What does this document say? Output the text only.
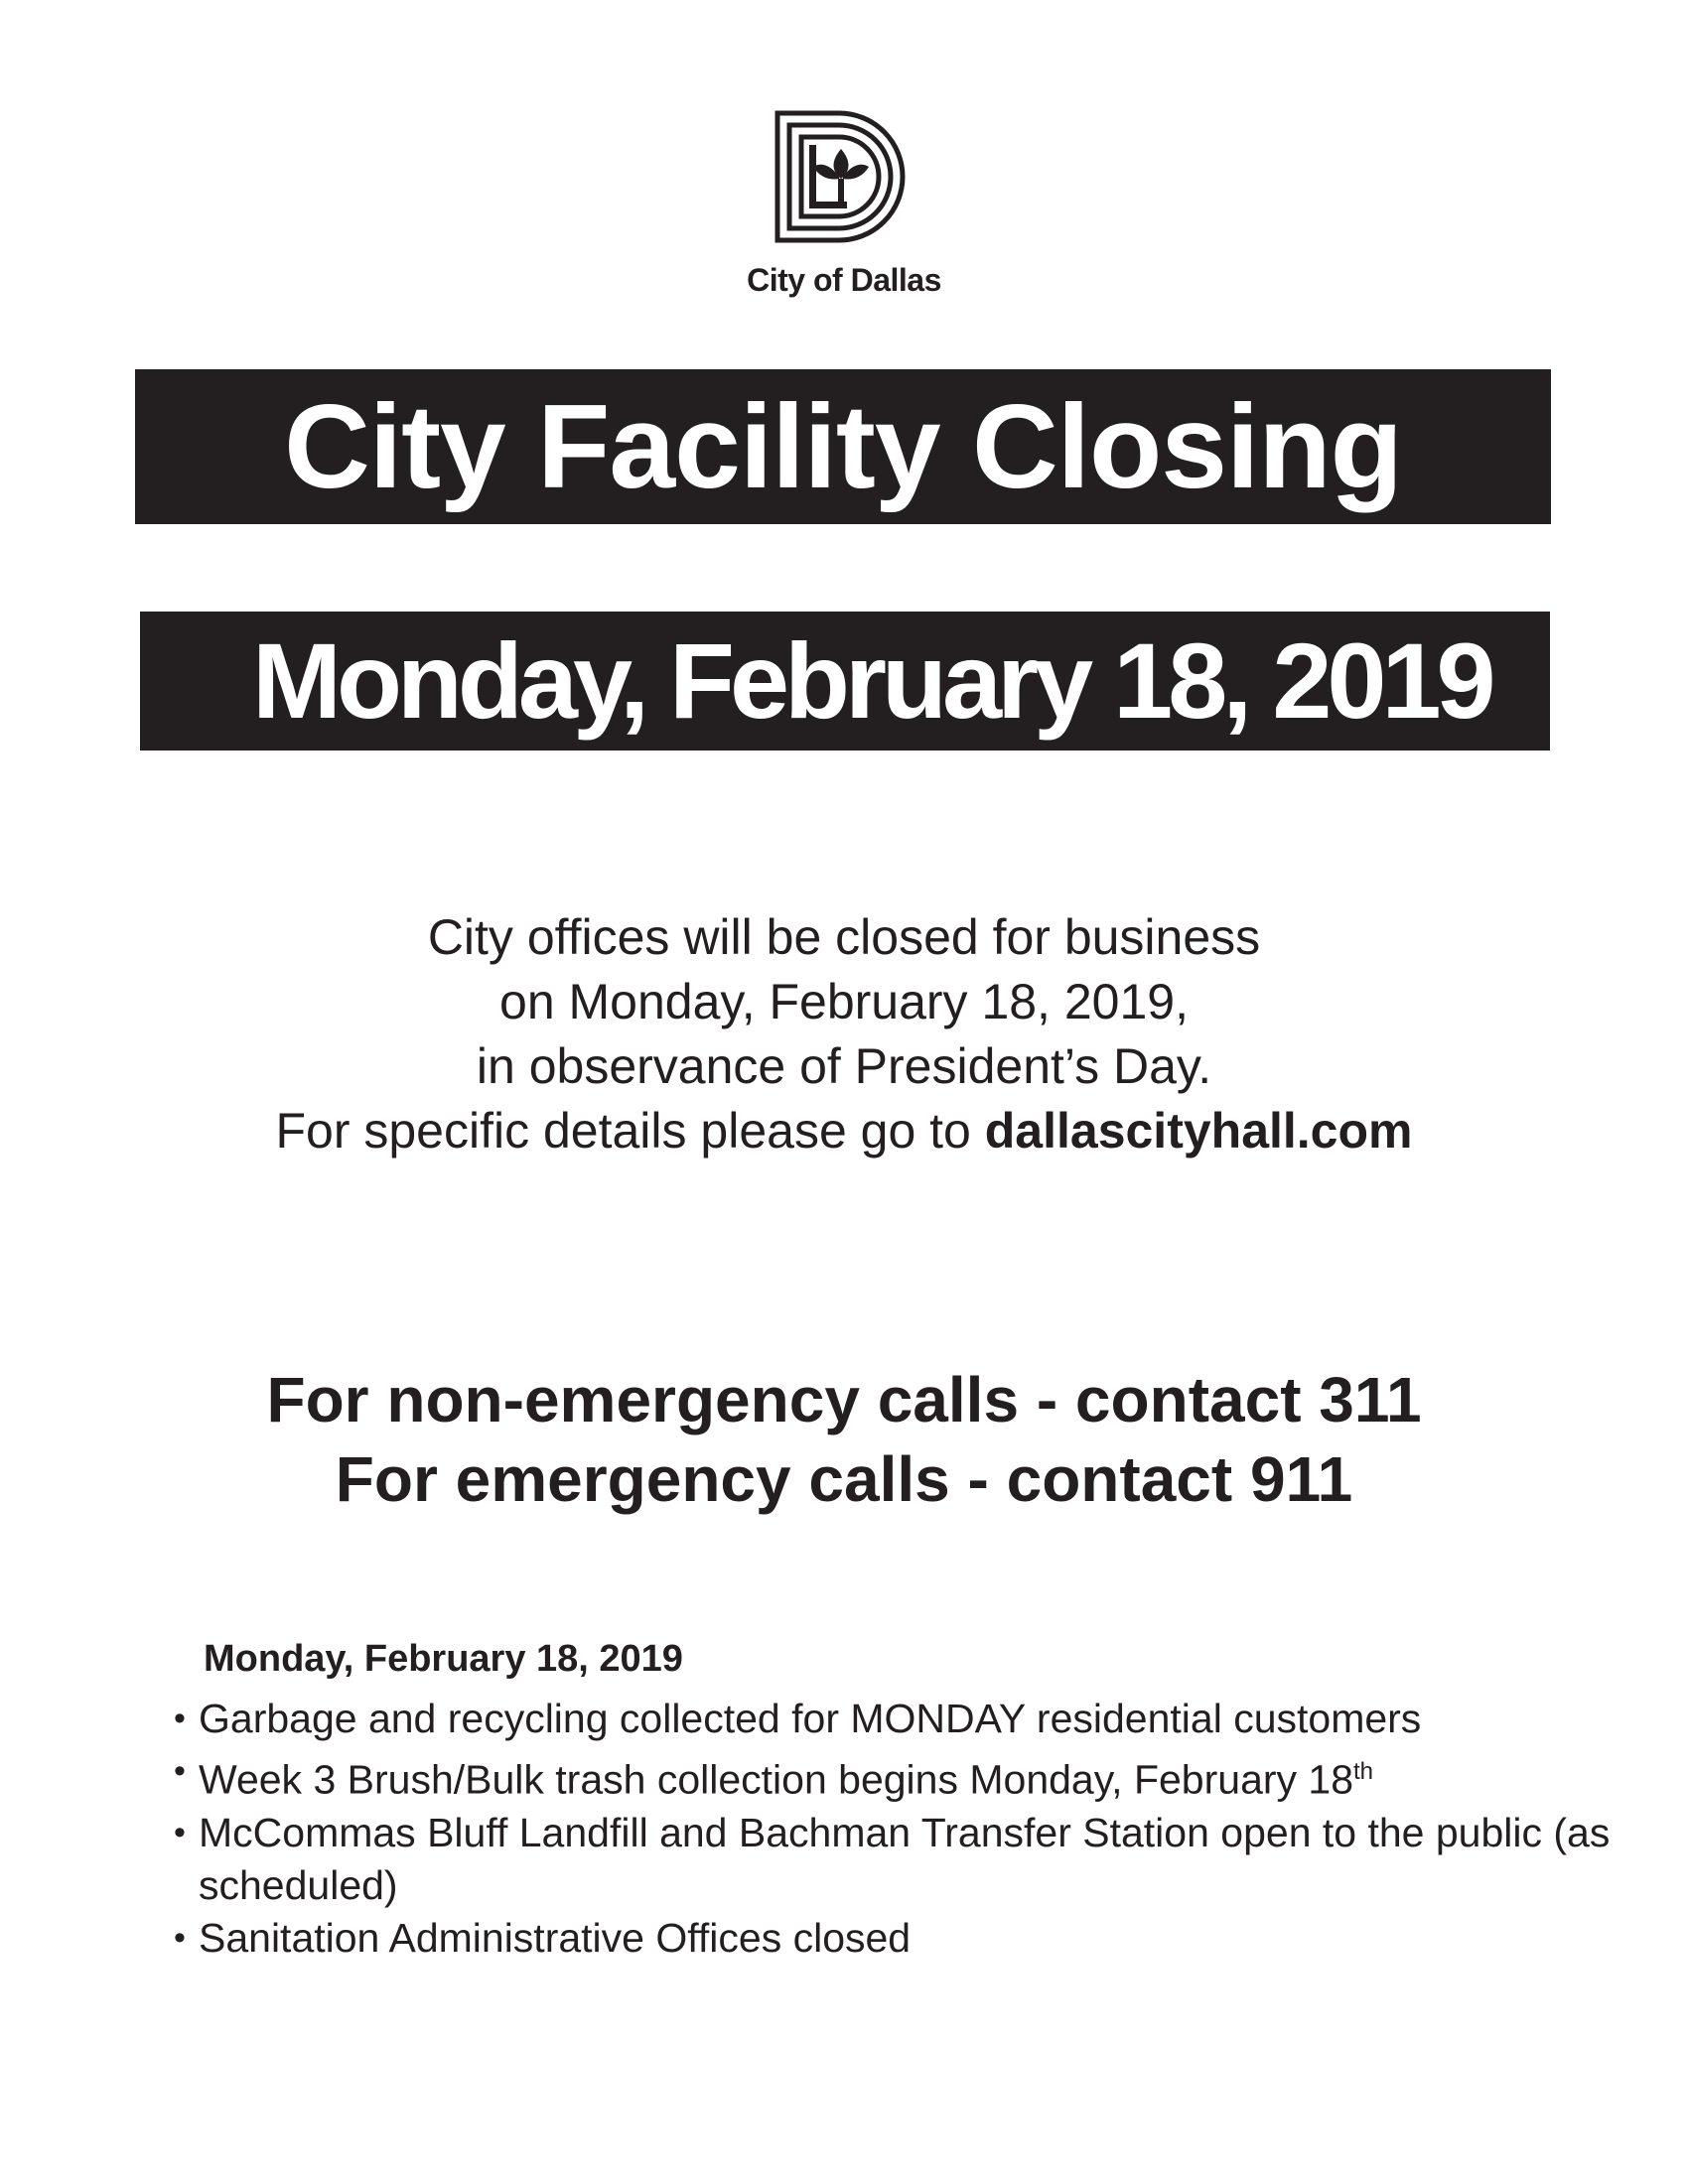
City of Dallas
City Facility Closing
Monday, February 18, 2019
City offices will be closed for business
on Monday, February 18, 2019,
in observance of President’s Day.
For specific details please go to dallascityhall.com
For non-emergency calls - contact 311
For emergency calls - contact 911
Monday, February 18, 2019
• Garbage and recycling collected for MONDAY residential customers
• Week 3 Brush/Bulk trash collection begins Monday, February 18th
• McCommas Bluff Landfill and Bachman Transfer Station open to the public (as scheduled)
• Sanitation Administrative Offices closed
